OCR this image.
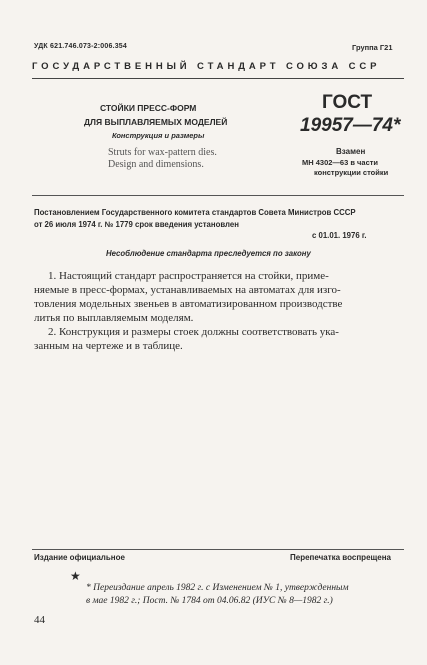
УДК 621.746.073-2:006.354	Группа Г21
ГОСУДАРСТВЕННЫЙ СТАНДАРТ СОЮЗА ССР
СТОЙКИ ПРЕСС-ФОРМ
ДЛЯ ВЫПЛАВЛЯЕМЫХ МОДЕЛЕЙ
Конструкция и размеры
Struts for wax-pattern dies.
Design and dimensions.
ГОСТ
19957—74*
Взамен
МН 4302—63 в части
конструкции стойки
Постановлением Государственного комитета стандартов Совета Министров СССР
от 26 июля 1974 г. № 1779 срок введения установлен
с 01.01. 1976 г.
Несоблюдение стандарта преследуется по закону
1. Настоящий стандарт распространяется на стойки, приме-
няемые в пресс-формах, устанавливаемых на автоматах для изго-
товления модельных звеньев в автоматизированном производстве
литья по выплавляемым моделям.
2. Конструкция и размеры стоек должны соответствовать ука-
занным на чертеже и в таблице.
Издание официальное	Перепечатка воспрещена
★
* Переиздание апрель 1982 г. с Изменением № 1, утвержденным
в мае 1982 г.; Пост. № 1784 от 04.06.82 (ИУС № 8—1982 г.)
44
